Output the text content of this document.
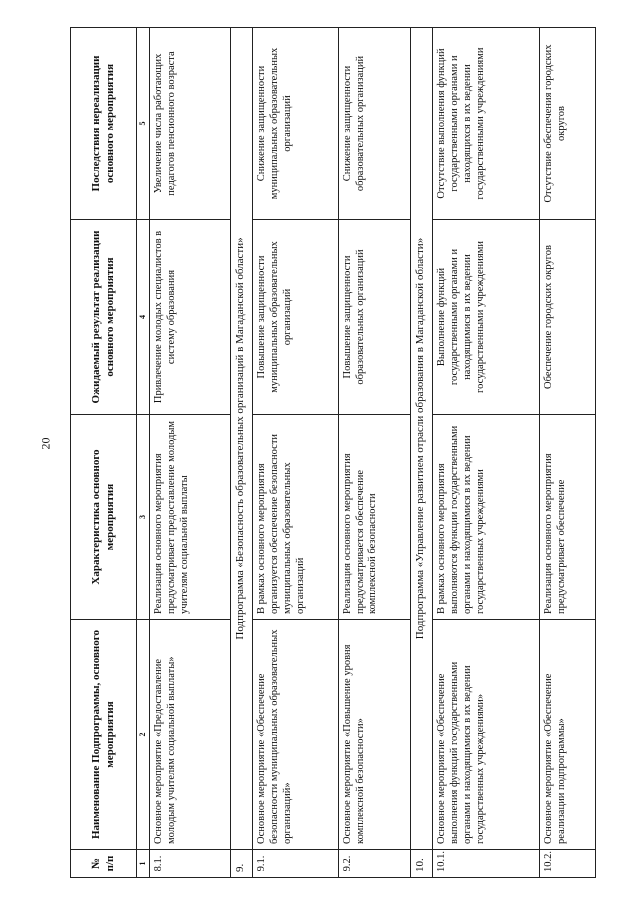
20
№ п/п	Наименование Подпрограммы, основного мероприятия	Характеристика основного мероприятия	Ожидаемый результат реализации основного мероприятия	Последствия нереализации основного мероприятия
1	2	3	4	5
8.1.	Основное мероприятие «Предоставление молодым учителям социальной выплаты»	Реализация основного мероприятия предусматривает предоставление молодым учителям социальной выплаты	Привлечение молодых специалистов в систему образования	Увеличение числа работающих педагогов пенсионного возраста
9.	Подпрограмма «Безопасность образовательных организаций в Магаданской области»			
9.1.	Основное мероприятие «Обеспечение безопасности муниципальных образовательных организаций»	В рамках основного мероприятия организуется обеспечение безопасности муниципальных образовательных организаций	Повышение защищенности муниципальных образовательных организаций	Снижение защищенности муниципальных образовательных организаций
9.2.	Основное мероприятие «Повышение уровня комплексной безопасности»	Реализация основного мероприятия предусматривается обеспечение комплексной безопасности	Повышение защищенности образовательных организаций	Снижение защищенности образовательных организаций
10.	Подпрограмма «Управление развитием отрасли образования в Магаданской области»			
10.1.	Основное мероприятие «Обеспечение выполнения функций государственными органами и находящимися в их ведении государственных учреждениями»	В рамках основного мероприятия выполняются функции государственными органами и находящимися в их ведении государственных учреждениями	Выполнение функций государственными органами и находящимися в их ведении государственными учреждениями	Отсутствие выполнения функций государственными органами и находящихся в их ведении государственными учреждениями
10.2.	Основное мероприятие «Обеспечение реализации подпрограммы»	Реализация основного мероприятия предусматривает обеспечение	Обеспечение городских округов	Отсутствие обеспечения городских округов
